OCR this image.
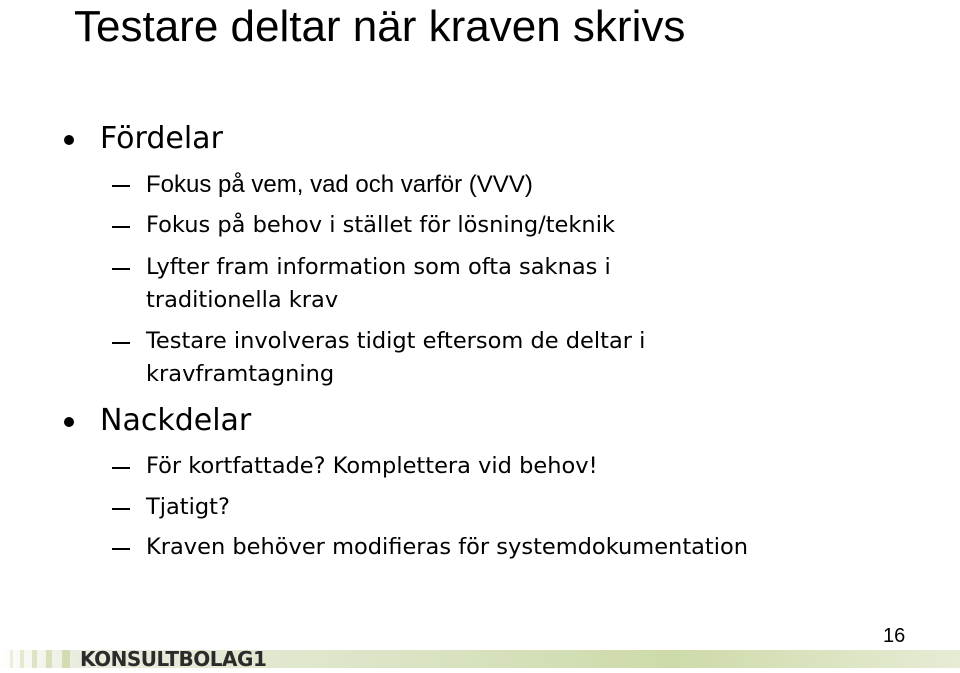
Testare deltar när kraven skrivs
Fördelar
Fokus på vem, vad och varför (VVV)
Fokus på behov i stället för lösning/teknik
Lyfter fram information som ofta saknas i
traditionella krav
Testare involveras tidigt eftersom de deltar i
kravframtagning
Nackdelar
För kortfattade? Komplettera vid behov!
Tjatigt?
Kraven behöver modifieras för systemdokumentation
16
KONSULTBOLAG1
